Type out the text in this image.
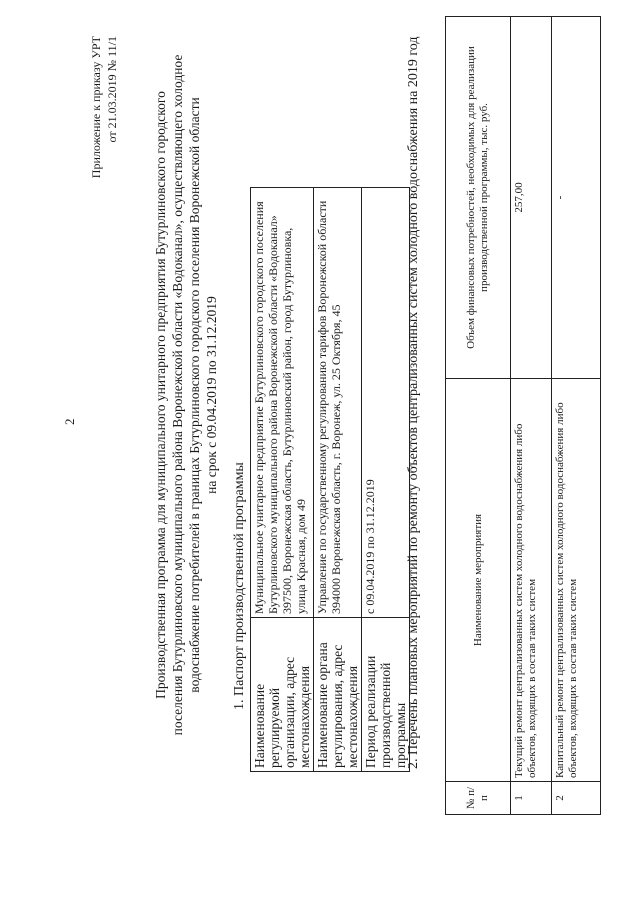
2
Приложение к приказу УРТ от 21.03.2019 № 11/1
Производственная программа для муниципального унитарного предприятия Бутурлиновского городского поселения Бутурлиновского муниципального района Воронежской области «Водоканал», осуществляющего холодное водоснабжение потребителей в границах Бутурлиновского городского поселения Воронежской области на срок с 09.04.2019 по 31.12.2019
1. Паспорт производственной программы
Наименование регулируемой организации, адрес местонахождения	Муниципальное унитарное предприятие Бутурлиновского городского поселения Бутурлиновского муниципального района Воронежской области «Водоканал» 397500, Воронежская область, Бутурлиновский район, город Бутурлиновка, улица Красная, дом 49

Наименование органа регулирования, адрес местонахождения	Управление по государственному регулированию тарифов Воронежской области 394000 Воронежская область, г. Воронеж, ул. 25 Октября, 45

Период реализации производственной программы	с 09.04.2019 по 31.12.2019 2. Перечень плановых мероприятий по ремонту объектов централизованных систем холодного водоснабжения на 2019 год
№ п/п	Наименование мероприятия	Объем финансовых потребностей, необходимых для реализации производственной программы, тыс. руб.
1	Текущий ремонт централизованных систем холодного водоснабжения либо объектов, входящих в состав таких систем	257,00
2	Капитальный ремонт централизованных систем холодного водоснабжения либо объектов, входящих в состав таких систем	-
